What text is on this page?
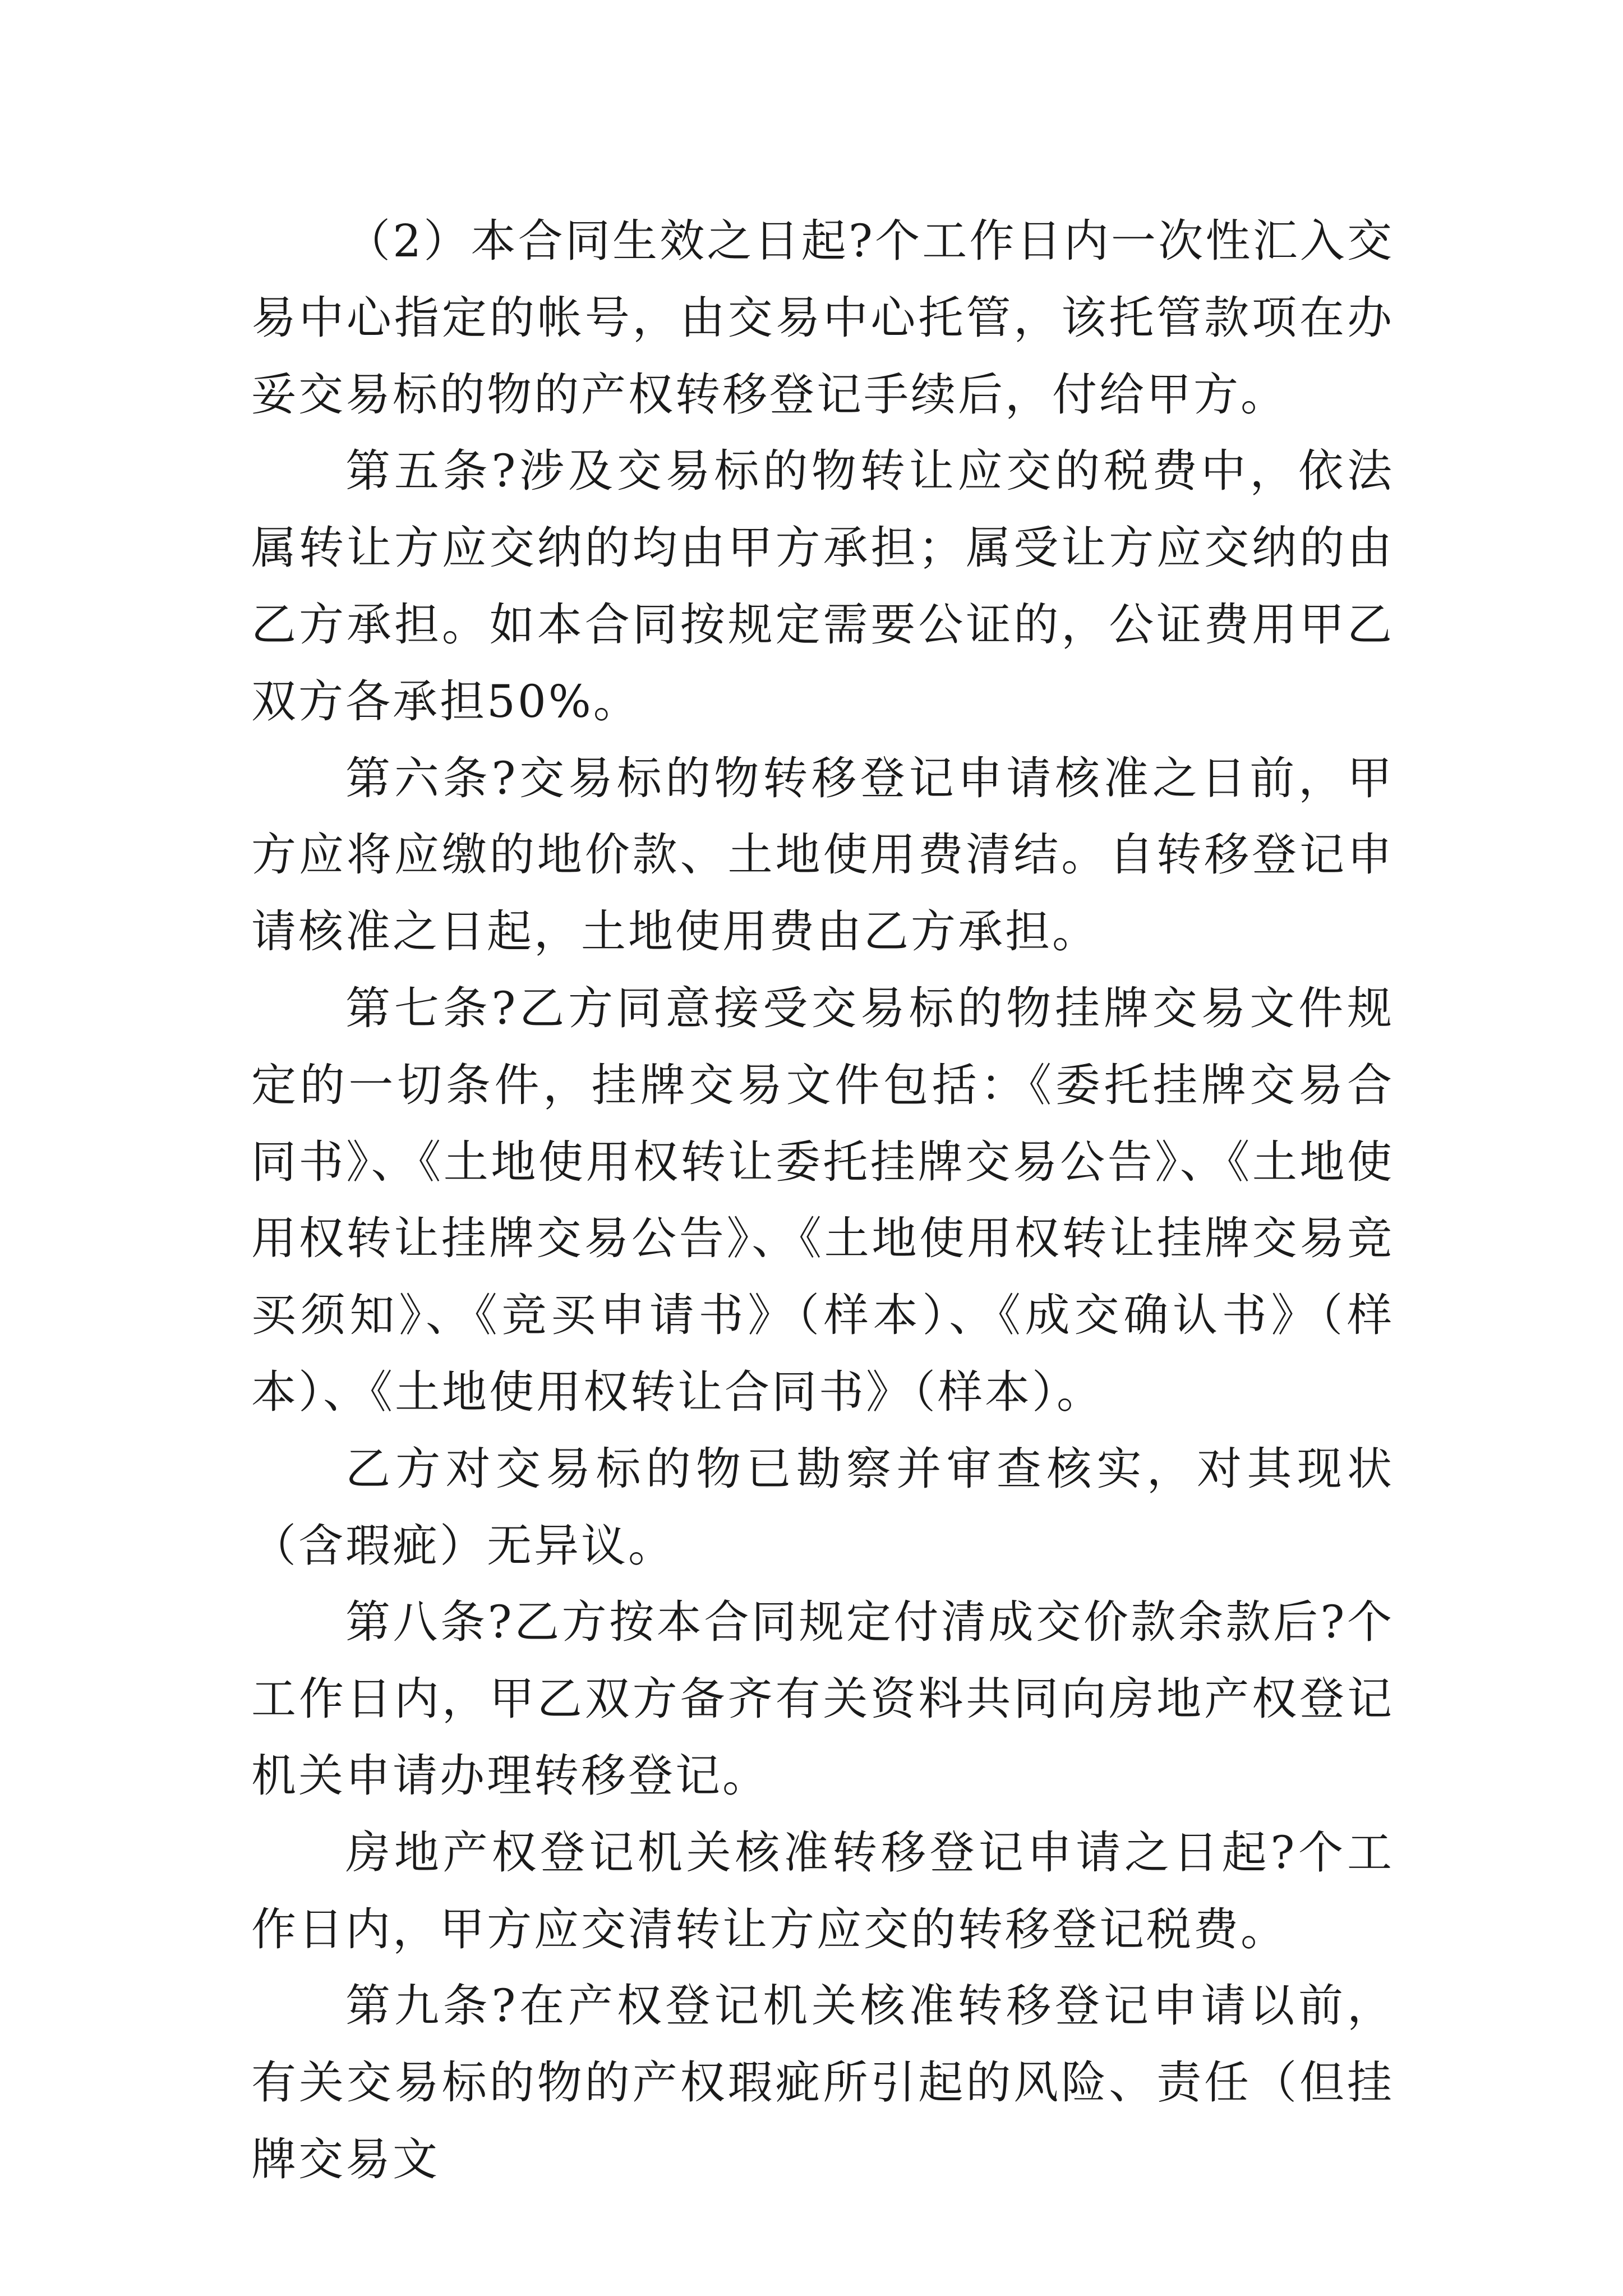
（2）本合同生效之日起?个工作日内一次性汇入交易中心指定的帐号，由交易中心托管，该托管款项在办妥交易标的物的产权转移登记手续后，付给甲方。

第五条?涉及交易标的物转让应交的税费中，依法属转让方应交纳的均由甲方承担；属受让方应交纳的由乙方承担。如本合同按规定需要公证的，公证费用甲乙双方各承担50%。

第六条?交易标的物转移登记申请核准之日前，甲方应将应缴的地价款、土地使用费清结。自转移登记申请核准之日起，土地使用费由乙方承担。

第七条?乙方同意接受交易标的物挂牌交易文件规定的一切条件，挂牌交易文件包括：《委托挂牌交易合同书》、《土地使用权转让委托挂牌交易公告》、《土地使用权转让挂牌交易公告》、《土地使用权转让挂牌交易竞买须知》、《竞买申请书》（样本）、《成交确认书》（样本）、《土地使用权转让合同书》（样本）。

乙方对交易标的物已勘察并审查核实，对其现状（含瑕疵）无异议。

第八条?乙方按本合同规定付清成交价款余款后?个工作日内，甲乙双方备齐有关资料共同向房地产权登记机关申请办理转移登记。

房地产权登记机关核准转移登记申请之日起?个工作日内，甲方应交清转让方应交的转移登记税费。

第九条?在产权登记机关核准转移登记申请以前，有关交易标的物的产权瑕疵所引起的风险、责任（但挂牌交易文
